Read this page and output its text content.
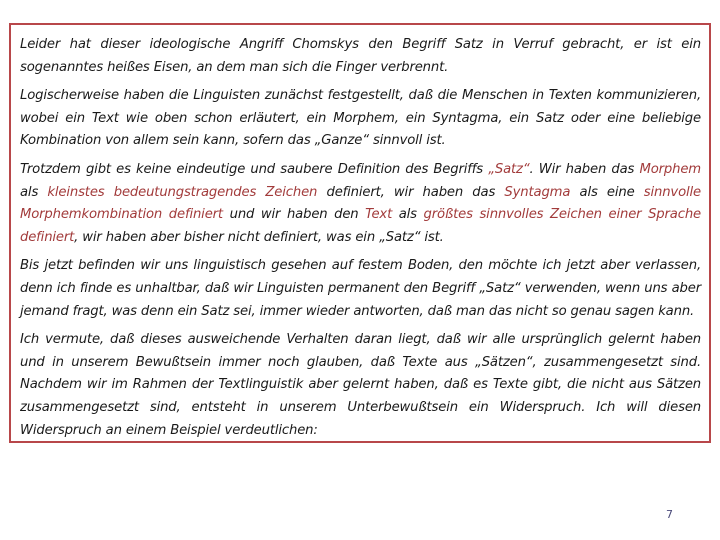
Leider hat dieser ideologische Angriff Chomskys den Begriff Satz in Verruf gebracht, er ist ein sogenanntes heißes Eisen, an dem man sich die Finger verbrennt.

Logischerweise haben die Linguisten zunächst festgestellt, daß die Menschen in Texten kommunizieren, wobei ein Text wie oben schon erläutert, ein Morphem, ein Syntagma, ein Satz oder eine beliebige Kombination von allem sein kann, sofern das „Ganze“ sinnvoll ist.

Trotzdem gibt es keine eindeutige und saubere Definition des Begriffs „Satz“. Wir haben das Morphem als kleinstes bedeutungstragendes Zeichen definiert, wir haben das Syntagma als eine sinnvolle Morphemkombination definiert und wir haben den Text als größtes sinnvolles Zeichen einer Sprache definiert, wir haben aber bisher nicht definiert, was ein „Satz“ ist.

Bis jetzt befinden wir uns linguistisch gesehen auf festem Boden, den möchte ich jetzt aber verlassen, denn ich finde es unhaltbar, daß wir Linguisten permanent den Begriff „Satz“ verwenden, wenn uns aber jemand fragt, was denn ein Satz sei, immer wieder antworten, daß man das nicht so genau sagen kann.

Ich vermute, daß dieses ausweichende Verhalten daran liegt, daß wir alle ursprünglich gelernt haben und in unserem Bewußtsein immer noch glauben, daß Texte aus „Sätzen“, zusammengesetzt sind. Nachdem wir im Rahmen der Textlinguistik aber gelernt haben, daß es Texte gibt, die nicht aus Sätzen zusammengesetzt sind, entsteht in unserem Unterbewußtsein ein Widerspruch. Ich will diesen Widerspruch an einem Beispiel verdeutlichen:

7
